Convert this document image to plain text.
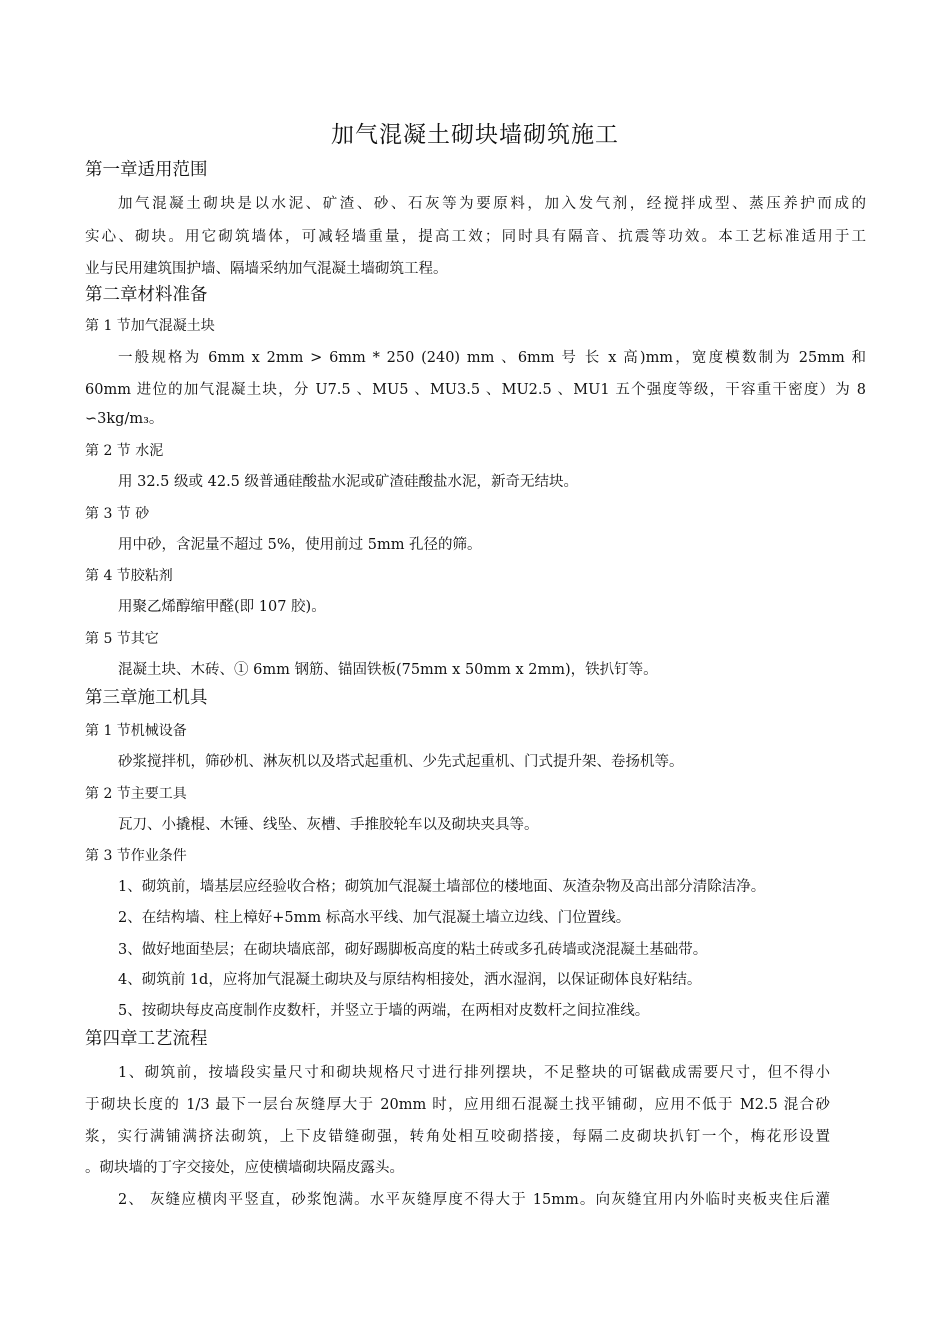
加气混凝土砌块墙砌筑施工
第一章适用范围
加气混凝土砌块是以水泥、矿渣、砂、石灰等为要原料，加入发气剂，经搅拌成型、蒸压养护而成的
实心、砌块。用它砌筑墙体，可减轻墙重量，提高工效；同时具有隔音、抗震等功效。本工艺标准适用于工
业与民用建筑围护墙、隔墙采纳加气混凝土墙砌筑工程。
第二章材料准备
第 1 节加气混凝土块
一般规格为 6mm x 2mm > 6mm * 250 (240) mm 、6mm 号 长 x 高)mm，宽度模数制为 25mm 和
60mm 进位的加气混凝土块，分 U7.5 、MU5 、MU3.5 、MU2.5 、MU1 五个强度等级，干容重干密度）为 8
∽3kg/m₃。
第 2 节 水泥
用 32.5 级或 42.5 级普通硅酸盐水泥或矿渣硅酸盐水泥，新奇无结块。
第 3 节 砂
用中砂，含泥量不超过 5%，使用前过 5mm 孔径的筛。
第 4 节胶粘剂
用聚乙烯醇缩甲醛(即 107 胶)。
第 5 节其它
混凝土块、木砖、① 6mm 钢筋、锚固铁板(75mm x 50mm x 2mm)，铁扒钉等。
第三章施工机具
第 1 节机械设备
砂浆搅拌机，筛砂机、淋灰机以及塔式起重机、少先式起重机、门式提升架、卷扬机等。
第 2 节主要工具
瓦刀、小撬棍、木锤、线坠、灰槽、手推胶轮车以及砌块夹具等。
第 3 节作业条件
1、砌筑前，墙基层应经验收合格；砌筑加气混凝土墙部位的楼地面、灰渣杂物及高出部分清除洁净。
2、在结构墙、柱上樟好+5mm 标高水平线、加气混凝土墙立边线、门位置线。
3、做好地面垫层；在砌块墙底部，砌好踢脚板高度的粘土砖或多孔砖墙或浇混凝土基础带。
4、砌筑前 1d，应将加气混凝土砌块及与原结构相接处，洒水湿润，以保证砌体良好粘结。
5、按砌块每皮高度制作皮数杆，并竖立于墙的两端，在两相对皮数杆之间拉准线。
第四章工艺流程
1、砌筑前，按墙段实量尺寸和砌块规格尺寸进行排列摆块，不足整块的可锯截成需要尺寸，但不得小
于砌块长度的 1/3 最下一层台灰缝厚大于 20mm 时，应用细石混凝土找平铺砌，应用不低于 M2.5 混合砂
浆，实行满铺满挤法砌筑，上下皮错缝砌强，转角处相互咬砌搭接，每隔二皮砌块扒钉一个，梅花形设置
。砌块墙的丁字交接处，应使横墙砌块隔皮露头。
2、 灰缝应横肉平竖直，砂浆饱满。水平灰缝厚度不得大于 15mm。向灰缝宜用内外临时夹板夹住后灌
